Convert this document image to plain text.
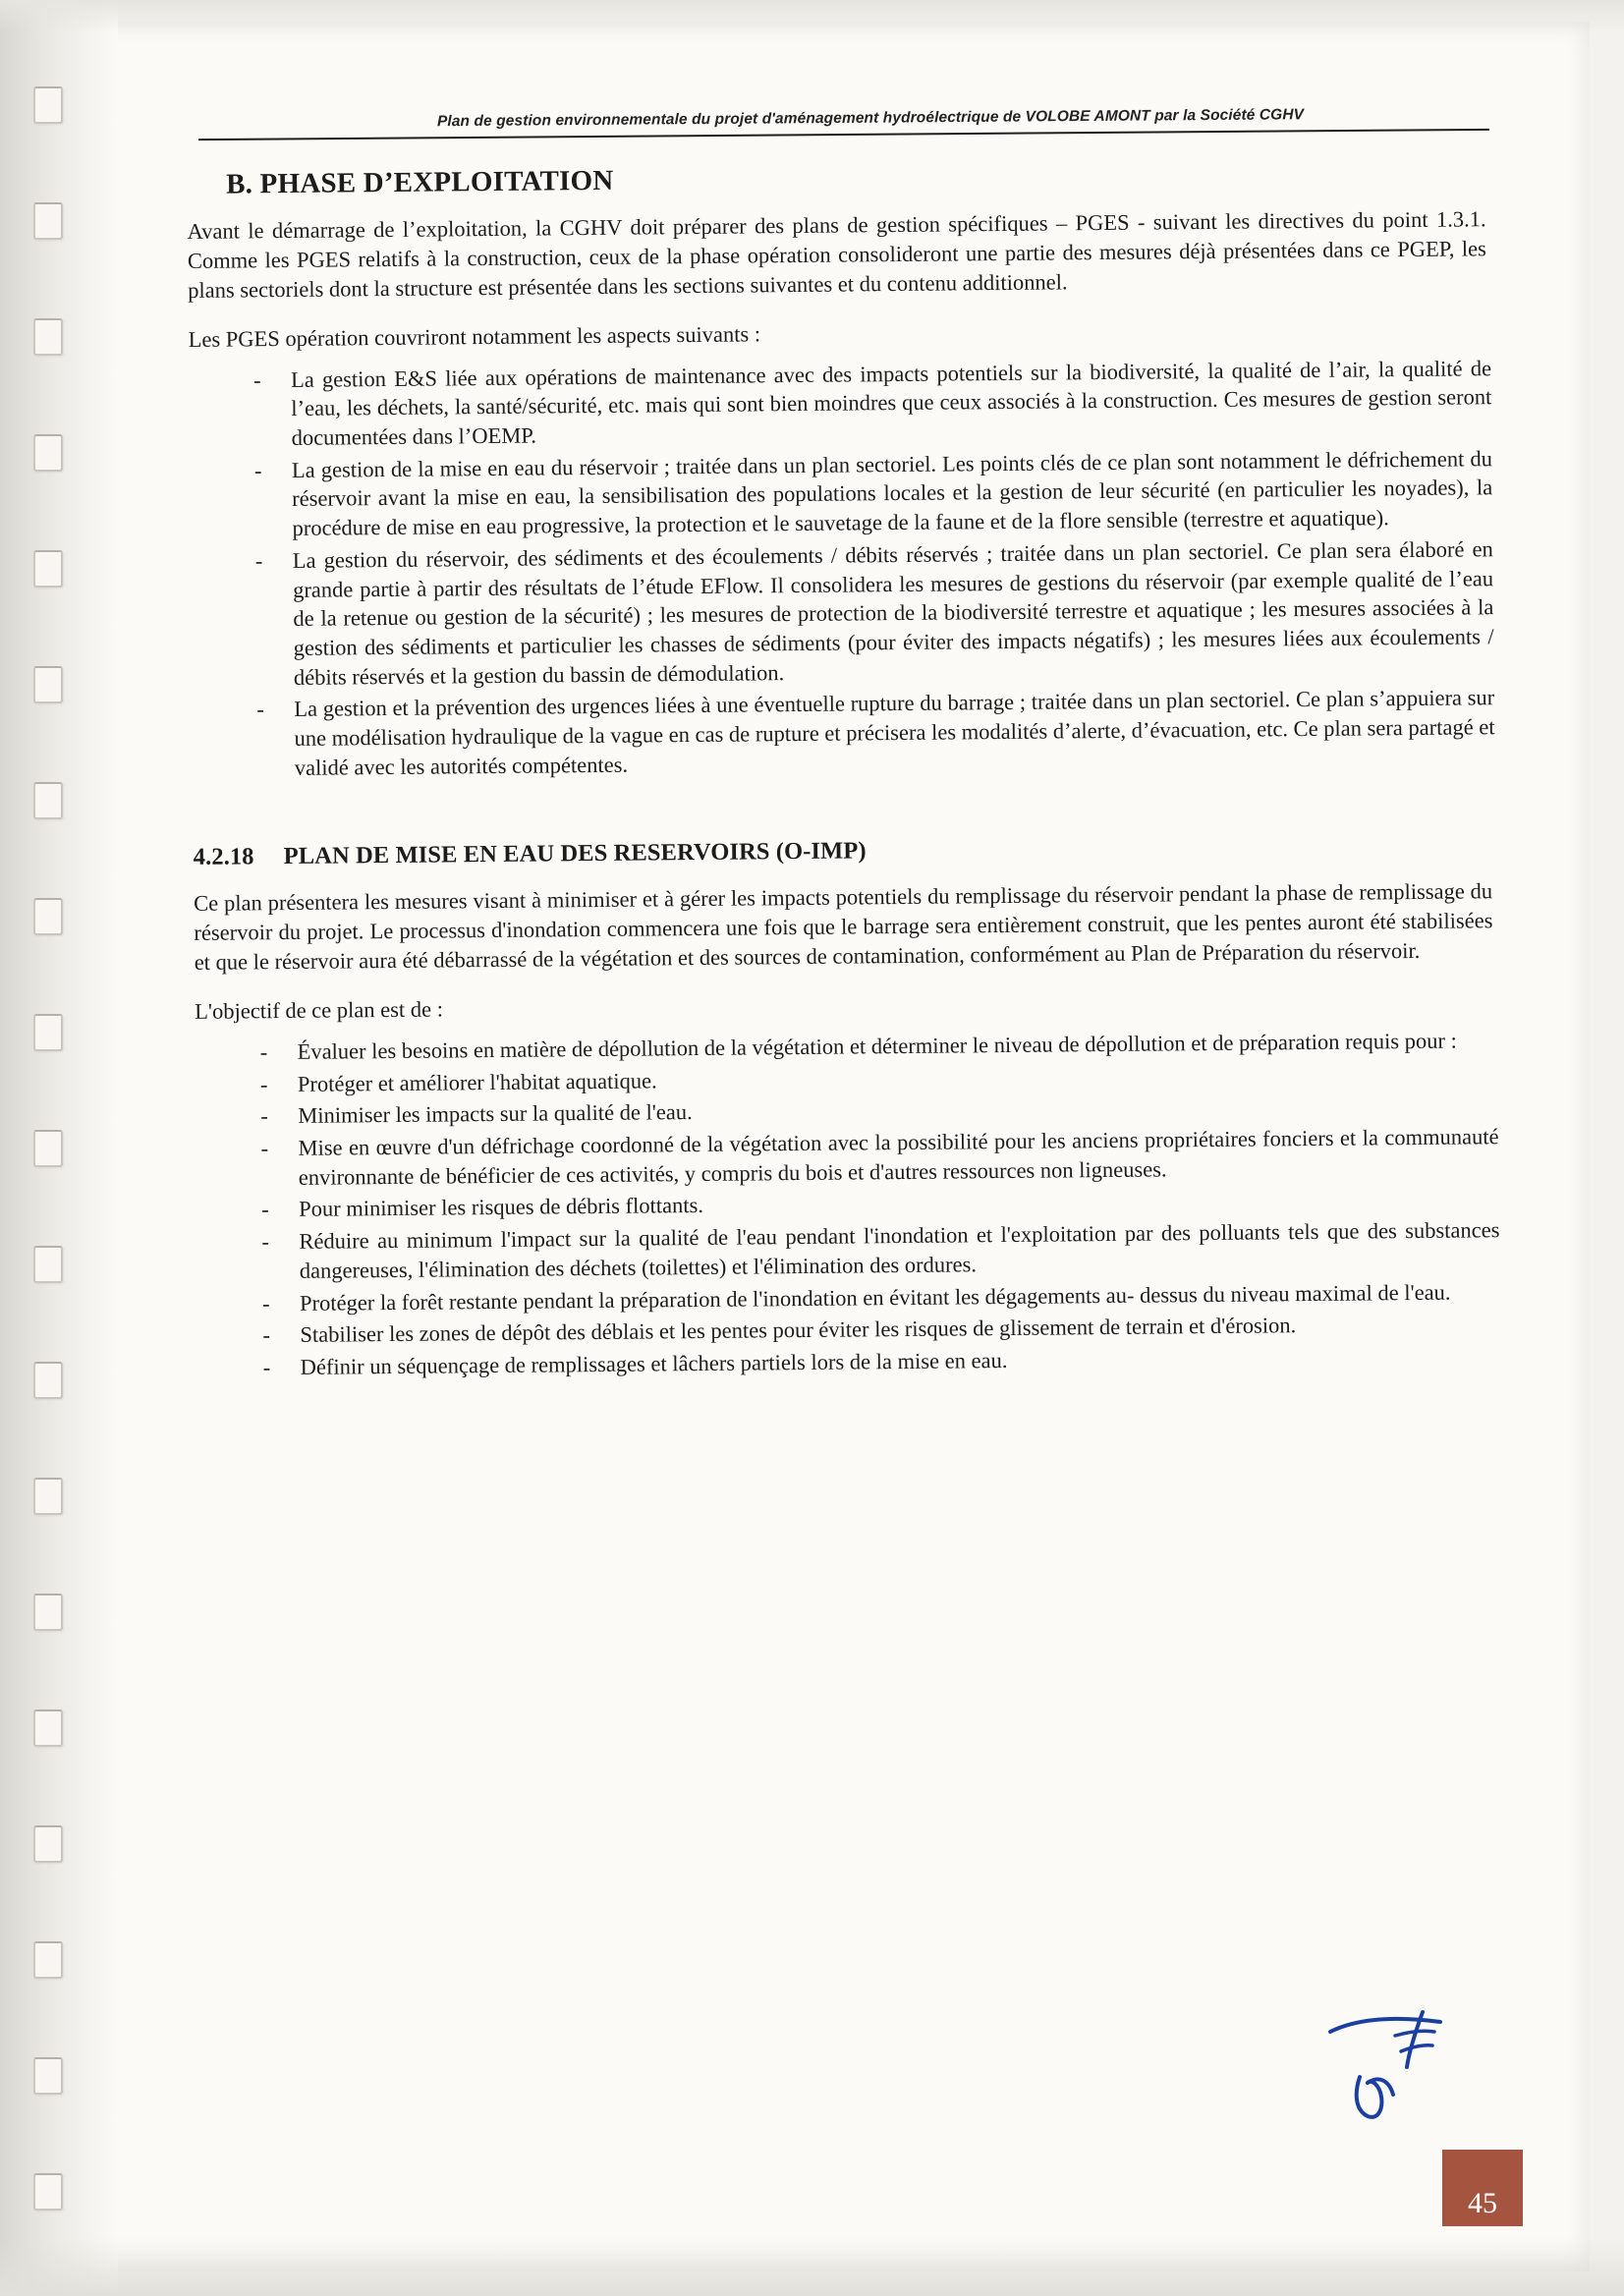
Plan de gestion environnementale du projet d'aménagement hydroélectrique de VOLOBE AMONT par la Société CGHV
B. PHASE D’EXPLOITATION

Avant le démarrage de l’exploitation, la CGHV doit préparer des plans de gestion spécifiques – PGES - suivant les directives du point 1.3.1. Comme les PGES relatifs à la construction, ceux de la phase opération consolideront une partie des mesures déjà présentées dans ce PGEP, les plans sectoriels dont la structure est présentée dans les sections suivantes et du contenu additionnel.

Les PGES opération couvriront notamment les aspects suivants :

- La gestion E&S liée aux opérations de maintenance avec des impacts potentiels sur la biodiversité, la qualité de l’air, la qualité de l’eau, les déchets, la santé/sécurité, etc. mais qui sont bien moindres que ceux associés à la construction. Ces mesures de gestion seront documentées dans l’OEMP.
- La gestion de la mise en eau du réservoir ; traitée dans un plan sectoriel. Les points clés de ce plan sont notamment le défrichement du réservoir avant la mise en eau, la sensibilisation des populations locales et la gestion de leur sécurité (en particulier les noyades), la procédure de mise en eau progressive, la protection et le sauvetage de la faune et de la flore sensible (terrestre et aquatique).
- La gestion du réservoir, des sédiments et des écoulements / débits réservés ; traitée dans un plan sectoriel. Ce plan sera élaboré en grande partie à partir des résultats de l’étude EFlow. Il consolidera les mesures de gestions du réservoir (par exemple qualité de l’eau de la retenue ou gestion de la sécurité) ; les mesures de protection de la biodiversité terrestre et aquatique ; les mesures associées à la gestion des sédiments et particulier les chasses de sédiments (pour éviter des impacts négatifs) ; les mesures liées aux écoulements / débits réservés et la gestion du bassin de démodulation.
- La gestion et la prévention des urgences liées à une éventuelle rupture du barrage ; traitée dans un plan sectoriel. Ce plan s’appuiera sur une modélisation hydraulique de la vague en cas de rupture et précisera les modalités d’alerte, d’évacuation, etc. Ce plan sera partagé et validé avec les autorités compétentes.
4.2.18 PLAN DE MISE EN EAU DES RESERVOIRS (O-IMP)

Ce plan présentera les mesures visant à minimiser et à gérer les impacts potentiels du remplissage du réservoir pendant la phase de remplissage du réservoir du projet. Le processus d'inondation commencera une fois que le barrage sera entièrement construit, que les pentes auront été stabilisées et que le réservoir aura été débarrassé de la végétation et des sources de contamination, conformément au Plan de Préparation du réservoir.

L'objectif de ce plan est de :

- Évaluer les besoins en matière de dépollution de la végétation et déterminer le niveau de dépollution et de préparation requis pour :
- Protéger et améliorer l'habitat aquatique.
- Minimiser les impacts sur la qualité de l'eau.
- Mise en œuvre d'un défrichage coordonné de la végétation avec la possibilité pour les anciens propriétaires fonciers et la communauté environnante de bénéficier de ces activités, y compris du bois et d'autres ressources non ligneuses.
- Pour minimiser les risques de débris flottants.
- Réduire au minimum l'impact sur la qualité de l'eau pendant l'inondation et l'exploitation par des polluants tels que des substances dangereuses, l'élimination des déchets (toilettes) et l'élimination des ordures.
- Protéger la forêt restante pendant la préparation de l'inondation en évitant les dégagements au- dessus du niveau maximal de l'eau.
- Stabiliser les zones de dépôt des déblais et les pentes pour éviter les risques de glissement de terrain et d'érosion.
- Définir un séquençage de remplissages et lâchers partiels lors de la mise en eau.
45
